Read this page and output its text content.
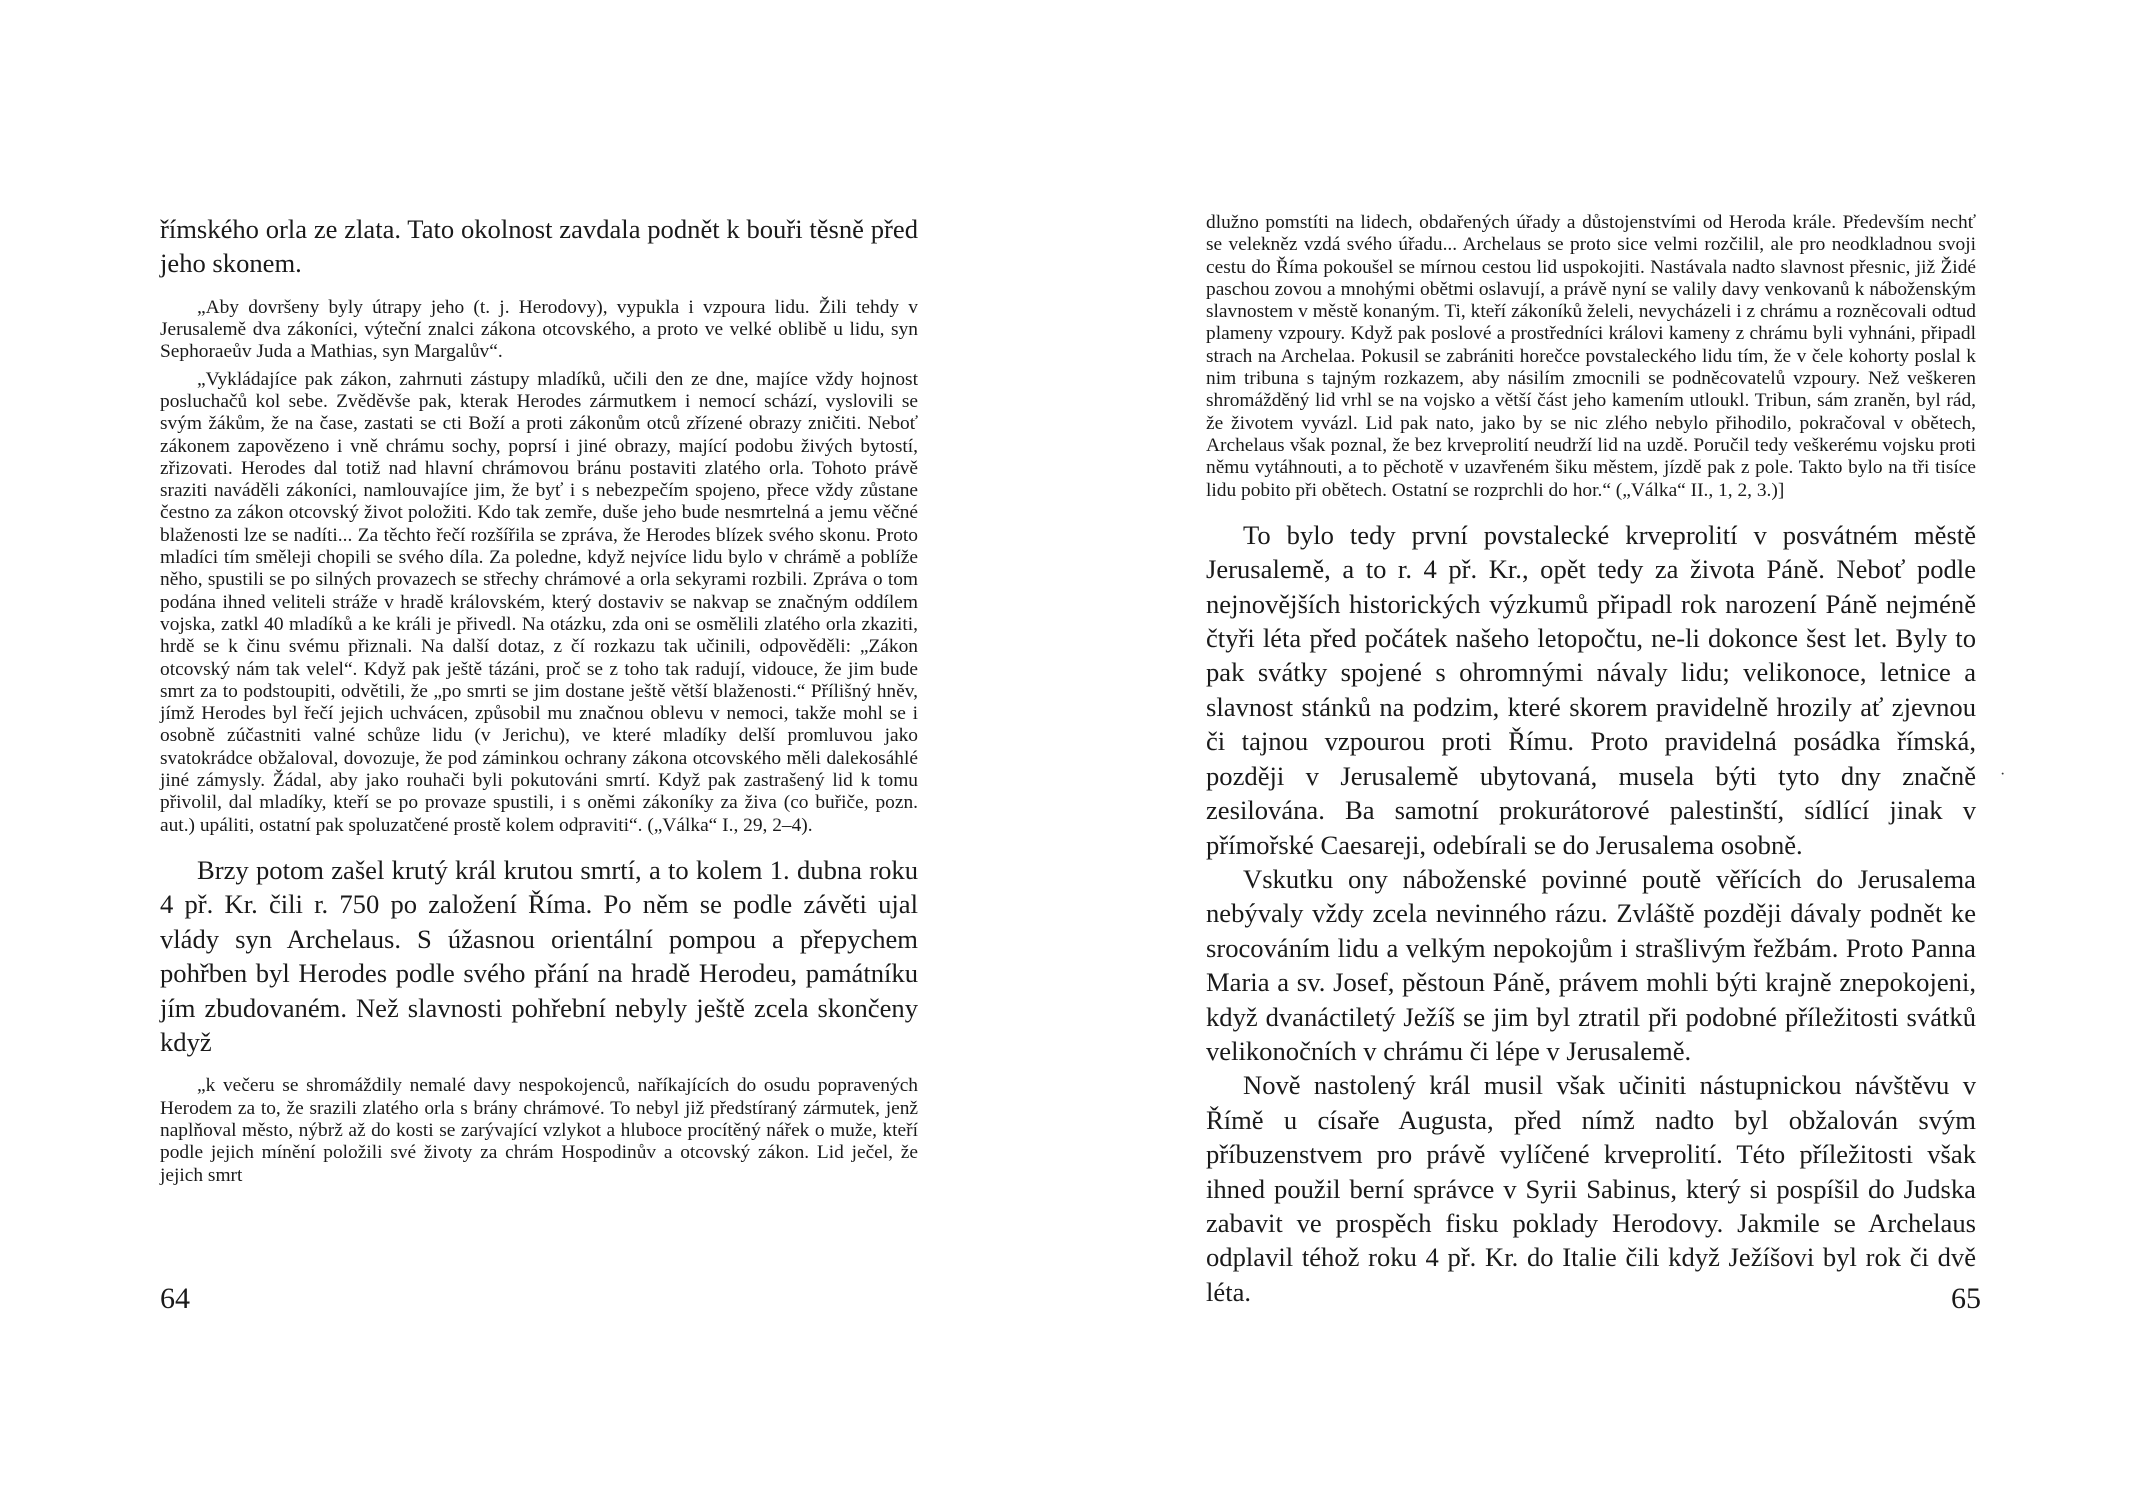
římského orla ze zlata. Tato okolnost zavdala podnět k bouři těsně před jeho skonem.

„Aby dovršeny byly útrapy jeho (t. j. Herodovy), vypukla i vzpoura lidu. Žili tehdy v Jerusalemě dva zákoníci, výteční znalci zákona otcovského, a proto ve velké oblibě u lidu, syn Sephoraeův Juda a Mathias, syn Margalův“.

„Vykládajíce pak zákon, zahrnuti zástupy mladíků, učili den ze dne, majíce vždy hojnost posluchačů kol sebe. Zvěděvše pak, kterak Herodes zármutkem i nemocí schází, vyslovili se svým žákům, že na čase, zastati se cti Boží a proti zákonům otců zřízené obrazy zničiti. Neboť zákonem zapovězeno i vně chrámu sochy, poprsí i jiné obrazy, mající podobu živých bytostí, zřizovati. Herodes dal totiž nad hlavní chrámovou bránu postaviti zlatého orla. Tohoto právě sraziti naváděli zákoníci, namlouvajíce jim, že byť i s nebezpečím spojeno, přece vždy zůstane čestno za zákon otcovský život položiti. Kdo tak zemře, duše jeho bude nesmrtelná a jemu věčné blaženosti lze se nadíti... Za těchto řečí rozšířila se zpráva, že Herodes blízek svého skonu. Proto mladíci tím směleji chopili se svého díla. Za poledne, když nejvíce lidu bylo v chrámě a poblíže něho, spustili se po silných provazech se střechy chrámové a orla sekyrami rozbili. Zpráva o tom podána ihned veliteli stráže v hradě královském, který dostaviv se nakvap se značným oddílem vojska, zatkl 40 mladíků a ke králi je přivedl. Na otázku, zda oni se osmělili zlatého orla zkaziti, hrdě se k činu svému přiznali. Na další dotaz, z čí rozkazu tak učinili, odpověděli: „Zákon otcovský nám tak velel“. Když pak ještě tázáni, proč se z toho tak radují, vidouce, že jim bude smrt za to podstoupiti, odvětili, že „po smrti se jim dostane ještě větší blaženosti.“ Přílišný hněv, jímž Herodes byl řečí jejich uchvácen, způsobil mu značnou oblevu v nemoci, takže mohl se i osobně zúčastniti valné schůze lidu (v Jerichu), ve které mladíky delší promluvou jako svatokrádce obžaloval, dovozuje, že pod záminkou ochrany zákona otcovského měli dalekosáhlé jiné zámysly. Žádal, aby jako rouhači byli pokutováni smrtí. Když pak zastrašený lid k tomu přivolil, dal mladíky, kteří se po provaze spustili, i s oněmi zákoníky za živa (co buřiče, pozn. aut.) upáliti, ostatní pak spoluzatčené prostě kolem odpraviti“. („Válka“ I., 29, 2–4).

Brzy potom zašel krutý král krutou smrtí, a to kolem 1. dubna roku 4 př. Kr. čili r. 750 po založení Říma. Po něm se podle závěti ujal vlády syn Archelaus. S úžasnou orientální pompou a přepychem pohřben byl Herodes podle svého přání na hradě Herodeu, památníku jím zbudovaném. Než slavnosti pohřební nebyly ještě zcela skončeny když

„k večeru se shromáždily nemalé davy nespokojenců, naříkajících do osudu popravených Herodem za to, že srazili zlatého orla s brány chrámové. To nebyl již předstíraný zármutek, jenž naplňoval město, nýbrž až do kosti se zarývající vzlykot a hluboce procítěný nářek o muže, kteří podle jejich mínění položili své životy za chrám Hospodinův a otcovský zákon. Lid ječel, že jejich smrt

64

dlužno pomstíti na lidech, obdařených úřady a důstojenstvími od Heroda krále. Především nechť se velekněz vzdá svého úřadu... Archelaus se proto sice velmi rozčilil, ale pro neodkladnou svoji cestu do Říma pokoušel se mírnou cestou lid uspokojiti. Nastávala nadto slavnost přesnic, již Židé paschou zovou a mnohými obětmi oslavují, a právě nyní se valily davy venkovanů k náboženským slavnostem v městě konaným. Ti, kteří zákoníků želeli, nevycházeli i z chrámu a rozněcovali odtud plameny vzpoury. Když pak poslové a prostředníci královi kameny z chrámu byli vyhnáni, připadl strach na Archelaa. Pokusil se zabrániti horečce povstaleckého lidu tím, že v čele kohorty poslal k nim tribuna s tajným rozkazem, aby násilím zmocnili se podněcovatelů vzpoury. Než veškeren shromážděný lid vrhl se na vojsko a větší část jeho kamením utloukl. Tribun, sám zraněn, byl rád, že životem vyvázl. Lid pak nato, jako by se nic zlého nebylo přihodilo, pokračoval v obětech, Archelaus však poznal, že bez krveprolití neudrží lid na uzdě. Poručil tedy veškerému vojsku proti němu vytáhnouti, a to pěchotě v uzavřeném šiku městem, jízdě pak z pole. Takto bylo na tři tisíce lidu pobito při obětech. Ostatní se rozprchli do hor.“ („Válka“ II., 1, 2, 3.)]

To bylo tedy první povstalecké krveprolití v posvátném městě Jerusalemě, a to r. 4 př. Kr., opět tedy za života Páně. Neboť podle nejnovějších historických výzkumů připadl rok narození Páně nejméně čtyři léta před počátek našeho letopočtu, ne-li dokonce šest let. Byly to pak svátky spojené s ohromnými návaly lidu; velikonoce, letnice a slavnost stánků na podzim, které skorem pravidelně hrozily ať zjevnou či tajnou vzpourou proti Římu. Proto pravidelná posádka římská, později v Jerusalemě ubytovaná, musela býti tyto dny značně zesilována. Ba samotní prokurátorové palestinští, sídlící jinak v přímořské Caesareji, odebírali se do Jerusalema osobně.

Vskutku ony náboženské povinné poutě věřících do Jerusalema nebývaly vždy zcela nevinného rázu. Zvláště později dávaly podnět ke srocováním lidu a velkým nepokojům i strašlivým řežbám. Proto Panna Maria a sv. Josef, pěstoun Páně, právem mohli býti krajně znepokojeni, když dvanáctiletý Ježíš se jim byl ztratil při podobné příležitosti svátků velikonočních v chrámu či lépe v Jerusalemě.

Nově nastolený král musil však učiniti nástupnickou návštěvu v Římě u císaře Augusta, před nímž nadto byl obžalován svým příbuzenstvem pro právě vylíčené krveprolití. Této příležitosti však ihned použil berní správce v Syrii Sabinus, který si pospíšil do Judska zabavit ve prospěch fisku poklady Herodovy. Jakmile se Archelaus odplavil téhož roku 4 př. Kr. do Italie čili když Ježíšovi byl rok či dvě léta.	65
·
